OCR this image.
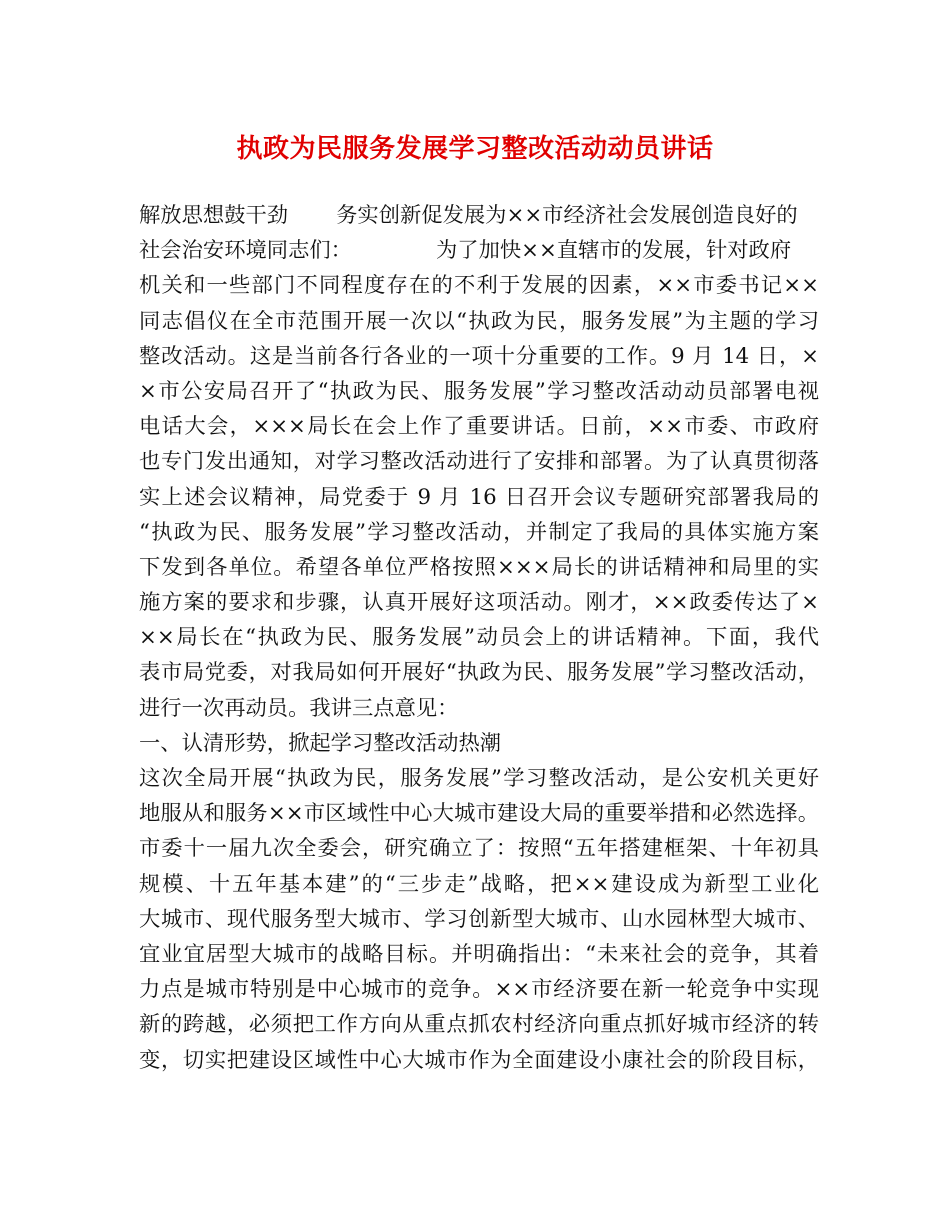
执政为民服务发展学习整改活动动员讲话
解放思想鼓干劲 务实创新促发展为××市经济社会发展创造良好的
社会治安环境同志们：	为了加快××直辖市的发展，针对政府
机关和一些部门不同程度存在的不利于发展的因素，××市委书记××
同志倡仪在全市范围开展一次以“执政为民，服务发展”为主题的学习
整改活动。这是当前各行各业的一项十分重要的工作。9 月 14 日，×
×市公安局召开了“执政为民、服务发展”学习整改活动动员部署电视
电话大会，×××局长在会上作了重要讲话。日前，××市委、市政府
也专门发出通知，对学习整改活动进行了安排和部署。为了认真贯彻落
实上述会议精神，局党委于 9 月 16 日召开会议专题研究部署我局的
“执政为民、服务发展”学习整改活动，并制定了我局的具体实施方案
下发到各单位。希望各单位严格按照×××局长的讲话精神和局里的实
施方案的要求和步骤，认真开展好这项活动。刚才，××政委传达了×
××局长在“执政为民、服务发展”动员会上的讲话精神。下面，我代
表市局党委，对我局如何开展好“执政为民、服务发展”学习整改活动，
进行一次再动员。我讲三点意见：
一、认清形势，掀起学习整改活动热潮
这次全局开展“执政为民，服务发展”学习整改活动，是公安机关更好
地服从和服务××市区域性中心大城市建设大局的重要举措和必然选择。
市委十一届九次全委会，研究确立了：按照“五年搭建框架、十年初具
规模、十五年基本建”的“三步走”战略，把××建设成为新型工业化
大城市、现代服务型大城市、学习创新型大城市、山水园林型大城市、
宜业宜居型大城市的战略目标。并明确指出：“未来社会的竞争，其着
力点是城市特别是中心城市的竞争。××市经济要在新一轮竞争中实现
新的跨越，必须把工作方向从重点抓农村经济向重点抓好城市经济的转
变，切实把建设区域性中心大城市作为全面建设小康社会的阶段目标，
